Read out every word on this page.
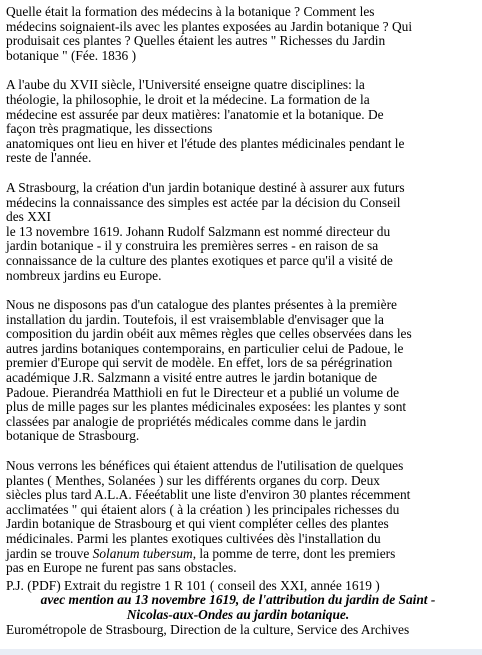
Quelle était la formation des médecins à la botanique ? Comment les
médecins soignaient-ils avec les plantes exposées au Jardin botanique ? Qui
produisait ces plantes ? Quelles étaient les autres " Richesses du Jardin
botanique " (Fée. 1836 )

A l'aube du XVII siècle, l'Université enseigne quatre disciplines: la
théologie, la philosophie, le droit et la médecine. La formation de la
médecine est assurée par deux matières: l'anatomie et la botanique. De
façon très pragmatique, les dissections
anatomiques ont lieu en hiver et l'étude des plantes médicinales pendant le
reste de l'année.

A Strasbourg, la création d'un jardin botanique destiné à assurer aux futurs
médecins la connaissance des simples est actée par la décision du Conseil
des XXI
le 13 novembre 1619. Johann Rudolf Salzmann est nommé directeur du
jardin botanique - il y construira les premières serres - en raison de sa
connaissance de la culture des plantes exotiques et parce qu'il a visité de
nombreux jardins eu Europe.

Nous ne disposons pas d'un catalogue des plantes présentes à la première
installation du jardin. Toutefois, il est vraisemblable d'envisager que la
composition du jardin obéit aux mêmes règles que celles observées dans les
autres jardins botaniques contemporains, en particulier celui de Padoue, le
premier d'Europe qui servit de modèle. En effet, lors de sa pérégrination
académique J.R. Salzmann a visité entre autres le jardin botanique de
Padoue. Pierandréa Matthioli en fut le Directeur et a publié un volume de
plus de mille pages sur les plantes médicinales exposées: les plantes y sont
classées par analogie de propriétés médicales comme dans le jardin
botanique de Strasbourg.

Nous verrons les bénéfices qui étaient attendus de l'utilisation de quelques
plantes ( Menthes, Solanées ) sur les différents organes du corp. Deux
siècles plus tard A.L.A. Féeétablit une liste d'environ 30 plantes récemment
acclimatées " qui étaient alors ( à la création ) les principales richesses du
Jardin botanique de Strasbourg et qui vient compléter celles des plantes
médicinales. Parmi les plantes exotiques cultivées dès l'installation du
jardin se trouve Solanum tubersum, la pomme de terre, dont les premiers
pas en Europe ne furent pas sans obstacles.

P.J. (PDF) Extrait du registre 1 R 101 ( conseil des XXI, année 1619 )
avec mention au 13 novembre 1619, de l'attribution du jardin de Saint -
Nicolas-aux-Ondes au jardin botanique.
Eurométropole de Strasbourg, Direction de la culture, Service des Archives
